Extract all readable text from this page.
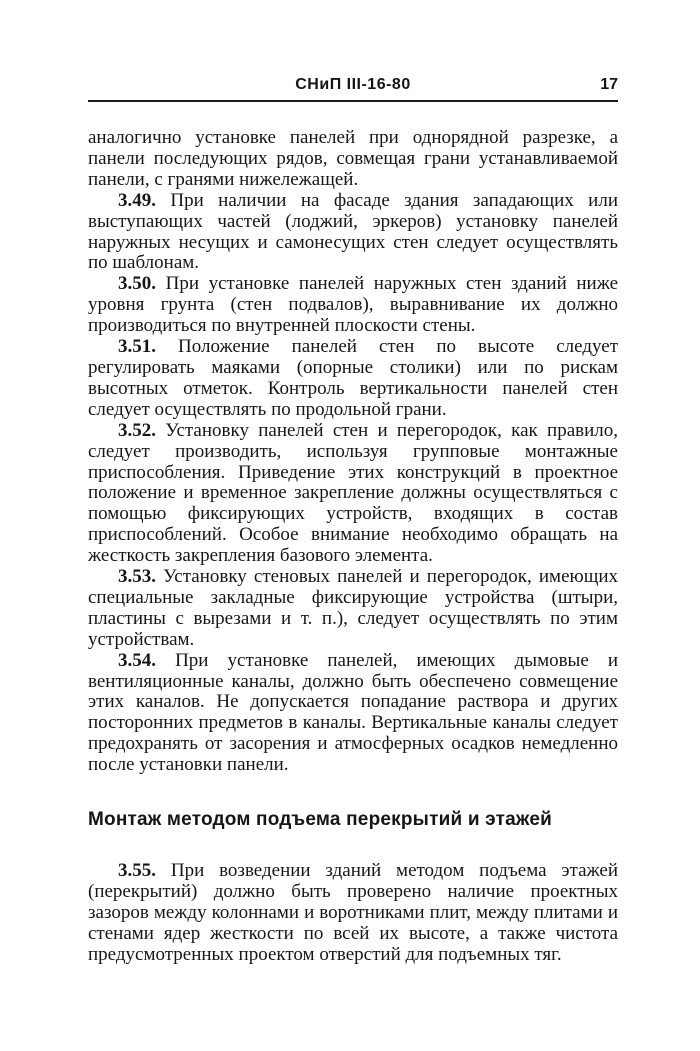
СНиП III-16-80	17

аналогично установке панелей при однорядной разрезке, а панели последующих рядов, совмещая грани устанавливаемой панели, с гранями нижележащей.

3.49. При наличии на фасаде здания западающих или выступающих частей (лоджий, эркеров) установку панелей наружных несущих и самонесущих стен следует осуществлять по шаблонам.

3.50. При установке панелей наружных стен зданий ниже уровня грунта (стен подвалов), выравнивание их должно производиться по внутренней плоскости стены.

3.51. Положение панелей стен по высоте следует регулировать маяками (опорные столики) или по рискам высотных отметок. Контроль вертикальности панелей стен следует осуществлять по продольной грани.

3.52. Установку панелей стен и перегородок, как правило, следует производить, используя групповые монтажные приспособления. Приведение этих конструкций в проектное положение и временное закрепление должны осуществляться с помощью фиксирующих устройств, входящих в состав приспособлений. Особое внимание необходимо обращать на жесткость закрепления базового элемента.

3.53. Установку стеновых панелей и перегородок, имеющих специальные закладные фиксирующие устройства (штыри, пластины с вырезами и т. п.), следует осуществлять по этим устройствам.

3.54. При установке панелей, имеющих дымовые и вентиляционные каналы, должно быть обеспечено совмещение этих каналов. Не допускается попадание раствора и других посторонних предметов в каналы. Вертикальные каналы следует предохранять от засорения и атмосферных осадков немедленно после установки панели.

Монтаж методом подъема перекрытий и этажей

3.55. При возведении зданий методом подъема этажей (перекрытий) должно быть проверено наличие проектных зазоров между колоннами и воротниками плит, между плитами и стенами ядер жесткости по всей их высоте, а также чистота предусмотренных проектом отверстий для подъемных тяг.
